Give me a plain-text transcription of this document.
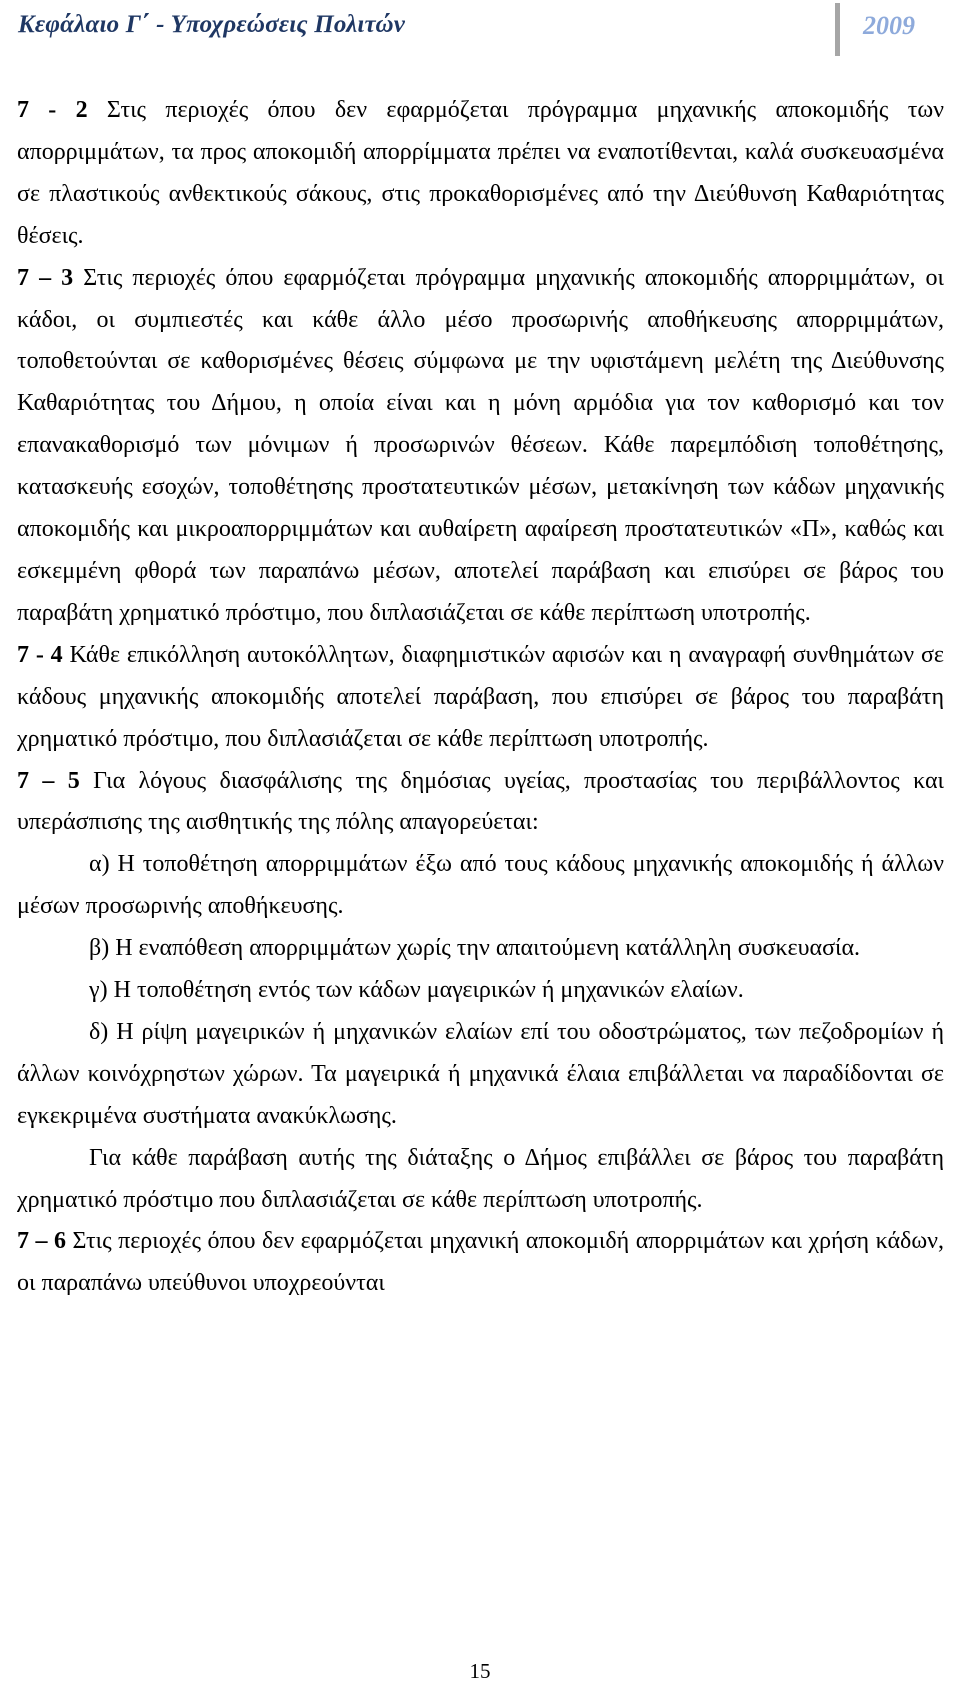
Κεφάλαιο Γ΄ - Υποχρεώσεις Πολιτών	2009

7 - 2 Στις περιοχές όπου δεν εφαρμόζεται πρόγραμμα μηχανικής αποκομιδής των απορριμμάτων, τα προς αποκομιδή απορρίμματα πρέπει να εναποτίθενται, καλά συσκευασμένα σε πλαστικούς ανθεκτικούς σάκους, στις προκαθορισμένες από την Διεύθυνση Καθαριότητας θέσεις.

7 – 3 Στις περιοχές όπου εφαρμόζεται πρόγραμμα μηχανικής αποκομιδής απορριμμάτων, οι κάδοι, οι συμπιεστές και κάθε άλλο μέσο προσωρινής αποθήκευσης απορριμμάτων, τοποθετούνται σε καθορισμένες θέσεις σύμφωνα με την υφιστάμενη μελέτη της Διεύθυνσης Καθαριότητας του Δήμου, η οποία είναι και η μόνη αρμόδια για τον καθορισμό και τον επανακαθορισμό των μόνιμων ή προσωρινών θέσεων. Κάθε παρεμπόδιση τοποθέτησης, κατασκευής εσοχών, τοποθέτησης προστατευτικών μέσων, μετακίνηση των κάδων μηχανικής αποκομιδής και μικροαπορριμμάτων και αυθαίρετη αφαίρεση προστατευτικών «Π», καθώς και εσκεμμένη φθορά των παραπάνω μέσων, αποτελεί παράβαση και επισύρει σε βάρος του παραβάτη χρηματικό πρόστιμο, που διπλασιάζεται σε κάθε περίπτωση υποτροπής.

7 - 4 Κάθε επικόλληση αυτοκόλλητων, διαφημιστικών αφισών και η αναγραφή συνθημάτων σε κάδους μηχανικής αποκομιδής αποτελεί παράβαση, που επισύρει σε βάρος του παραβάτη χρηματικό πρόστιμο, που διπλασιάζεται σε κάθε περίπτωση υποτροπής.

7 – 5 Για λόγους διασφάλισης της δημόσιας υγείας, προστασίας του περιβάλλοντος και υπεράσπισης της αισθητικής της πόλης απαγορεύεται:

α) Η τοποθέτηση απορριμμάτων έξω από τους κάδους μηχανικής αποκομιδής ή άλλων μέσων προσωρινής αποθήκευσης.

β) Η εναπόθεση απορριμμάτων χωρίς την απαιτούμενη κατάλληλη συσκευασία.

γ) Η τοποθέτηση εντός των κάδων μαγειρικών ή μηχανικών ελαίων.

δ) Η ρίψη μαγειρικών ή μηχανικών ελαίων επί του οδοστρώματος, των πεζοδρομίων ή άλλων κοινόχρηστων χώρων. Τα μαγειρικά ή μηχανικά έλαια επιβάλλεται να παραδίδονται σε εγκεκριμένα συστήματα ανακύκλωσης.

Για κάθε παράβαση αυτής της διάταξης ο Δήμος επιβάλλει σε βάρος του παραβάτη χρηματικό πρόστιμο που διπλασιάζεται σε κάθε περίπτωση υποτροπής.

7 – 6 Στις περιοχές όπου δεν εφαρμόζεται μηχανική αποκομιδή απορριμάτων και χρήση κάδων, οι παραπάνω υπεύθυνοι υποχρεούνται

15
